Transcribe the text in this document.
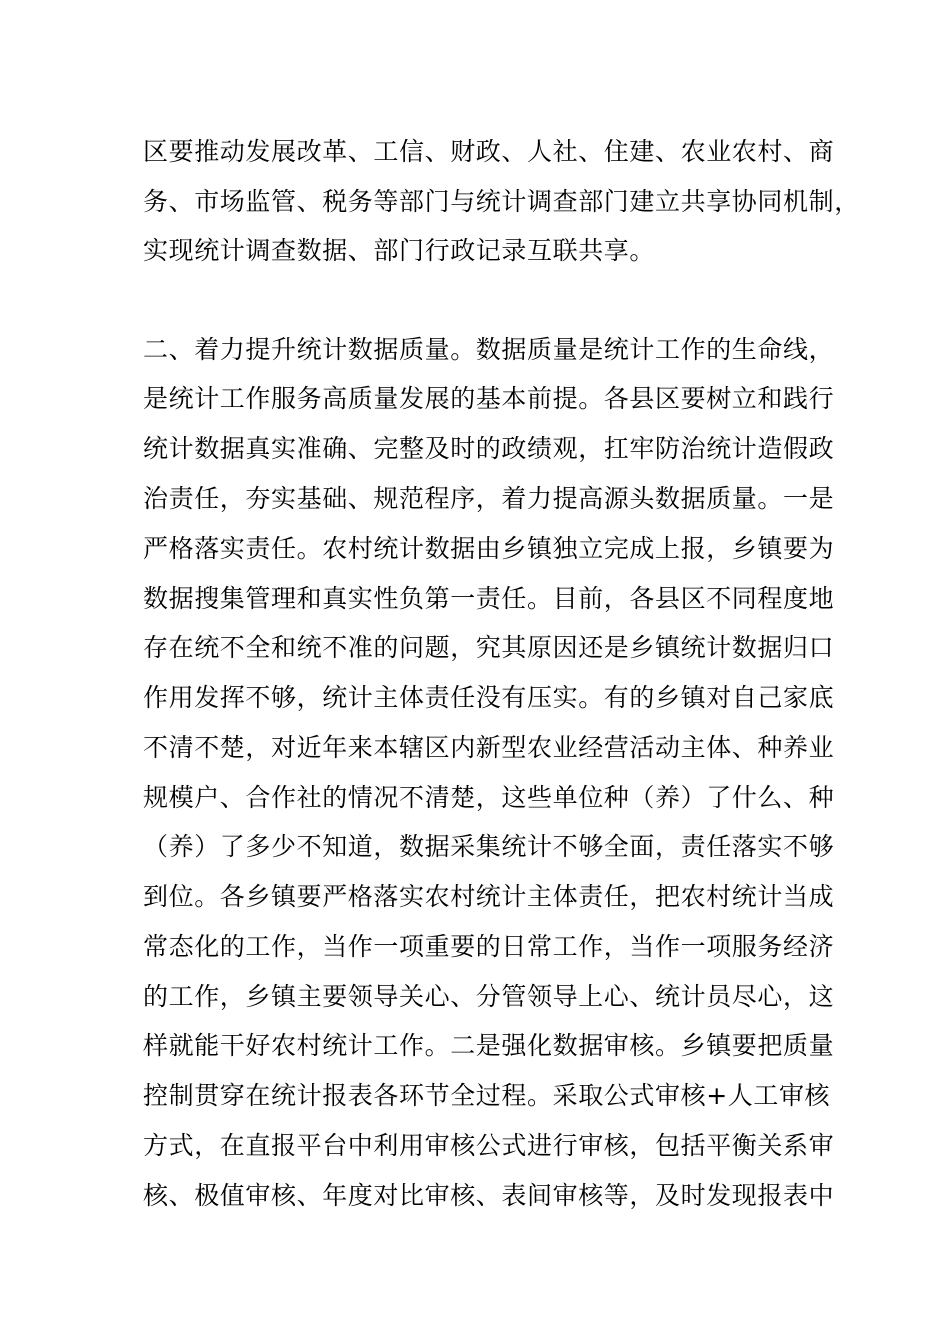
区要推动发展改革、工信、财政、人社、住建、农业农村、商
务、市场监管、税务等部门与统计调查部门建立共享协同机制，
实现统计调查数据、部门行政记录互联共享。
二、着力提升统计数据质量。数据质量是统计工作的生命线，
是统计工作服务高质量发展的基本前提。各县区要树立和践行
统计数据真实准确、完整及时的政绩观，扛牢防治统计造假政
治责任，夯实基础、规范程序，着力提高源头数据质量。一是
严格落实责任。农村统计数据由乡镇独立完成上报，乡镇要为
数据搜集管理和真实性负第一责任。目前，各县区不同程度地
存在统不全和统不准的问题，究其原因还是乡镇统计数据归口
作用发挥不够，统计主体责任没有压实。有的乡镇对自己家底
不清不楚，对近年来本辖区内新型农业经营活动主体、种养业
规模户、合作社的情况不清楚，这些单位种（养）了什么、种
（养）了多少不知道，数据采集统计不够全面，责任落实不够
到位。各乡镇要严格落实农村统计主体责任，把农村统计当成
常态化的工作，当作一项重要的日常工作，当作一项服务经济
的工作，乡镇主要领导关心、分管领导上心、统计员尽心，这
样就能干好农村统计工作。二是强化数据审核。乡镇要把质量
控制贯穿在统计报表各环节全过程。采取公式审核+人工审核
方式，在直报平台中利用审核公式进行审核，包括平衡关系审
核、极值审核、年度对比审核、表间审核等，及时发现报表中
